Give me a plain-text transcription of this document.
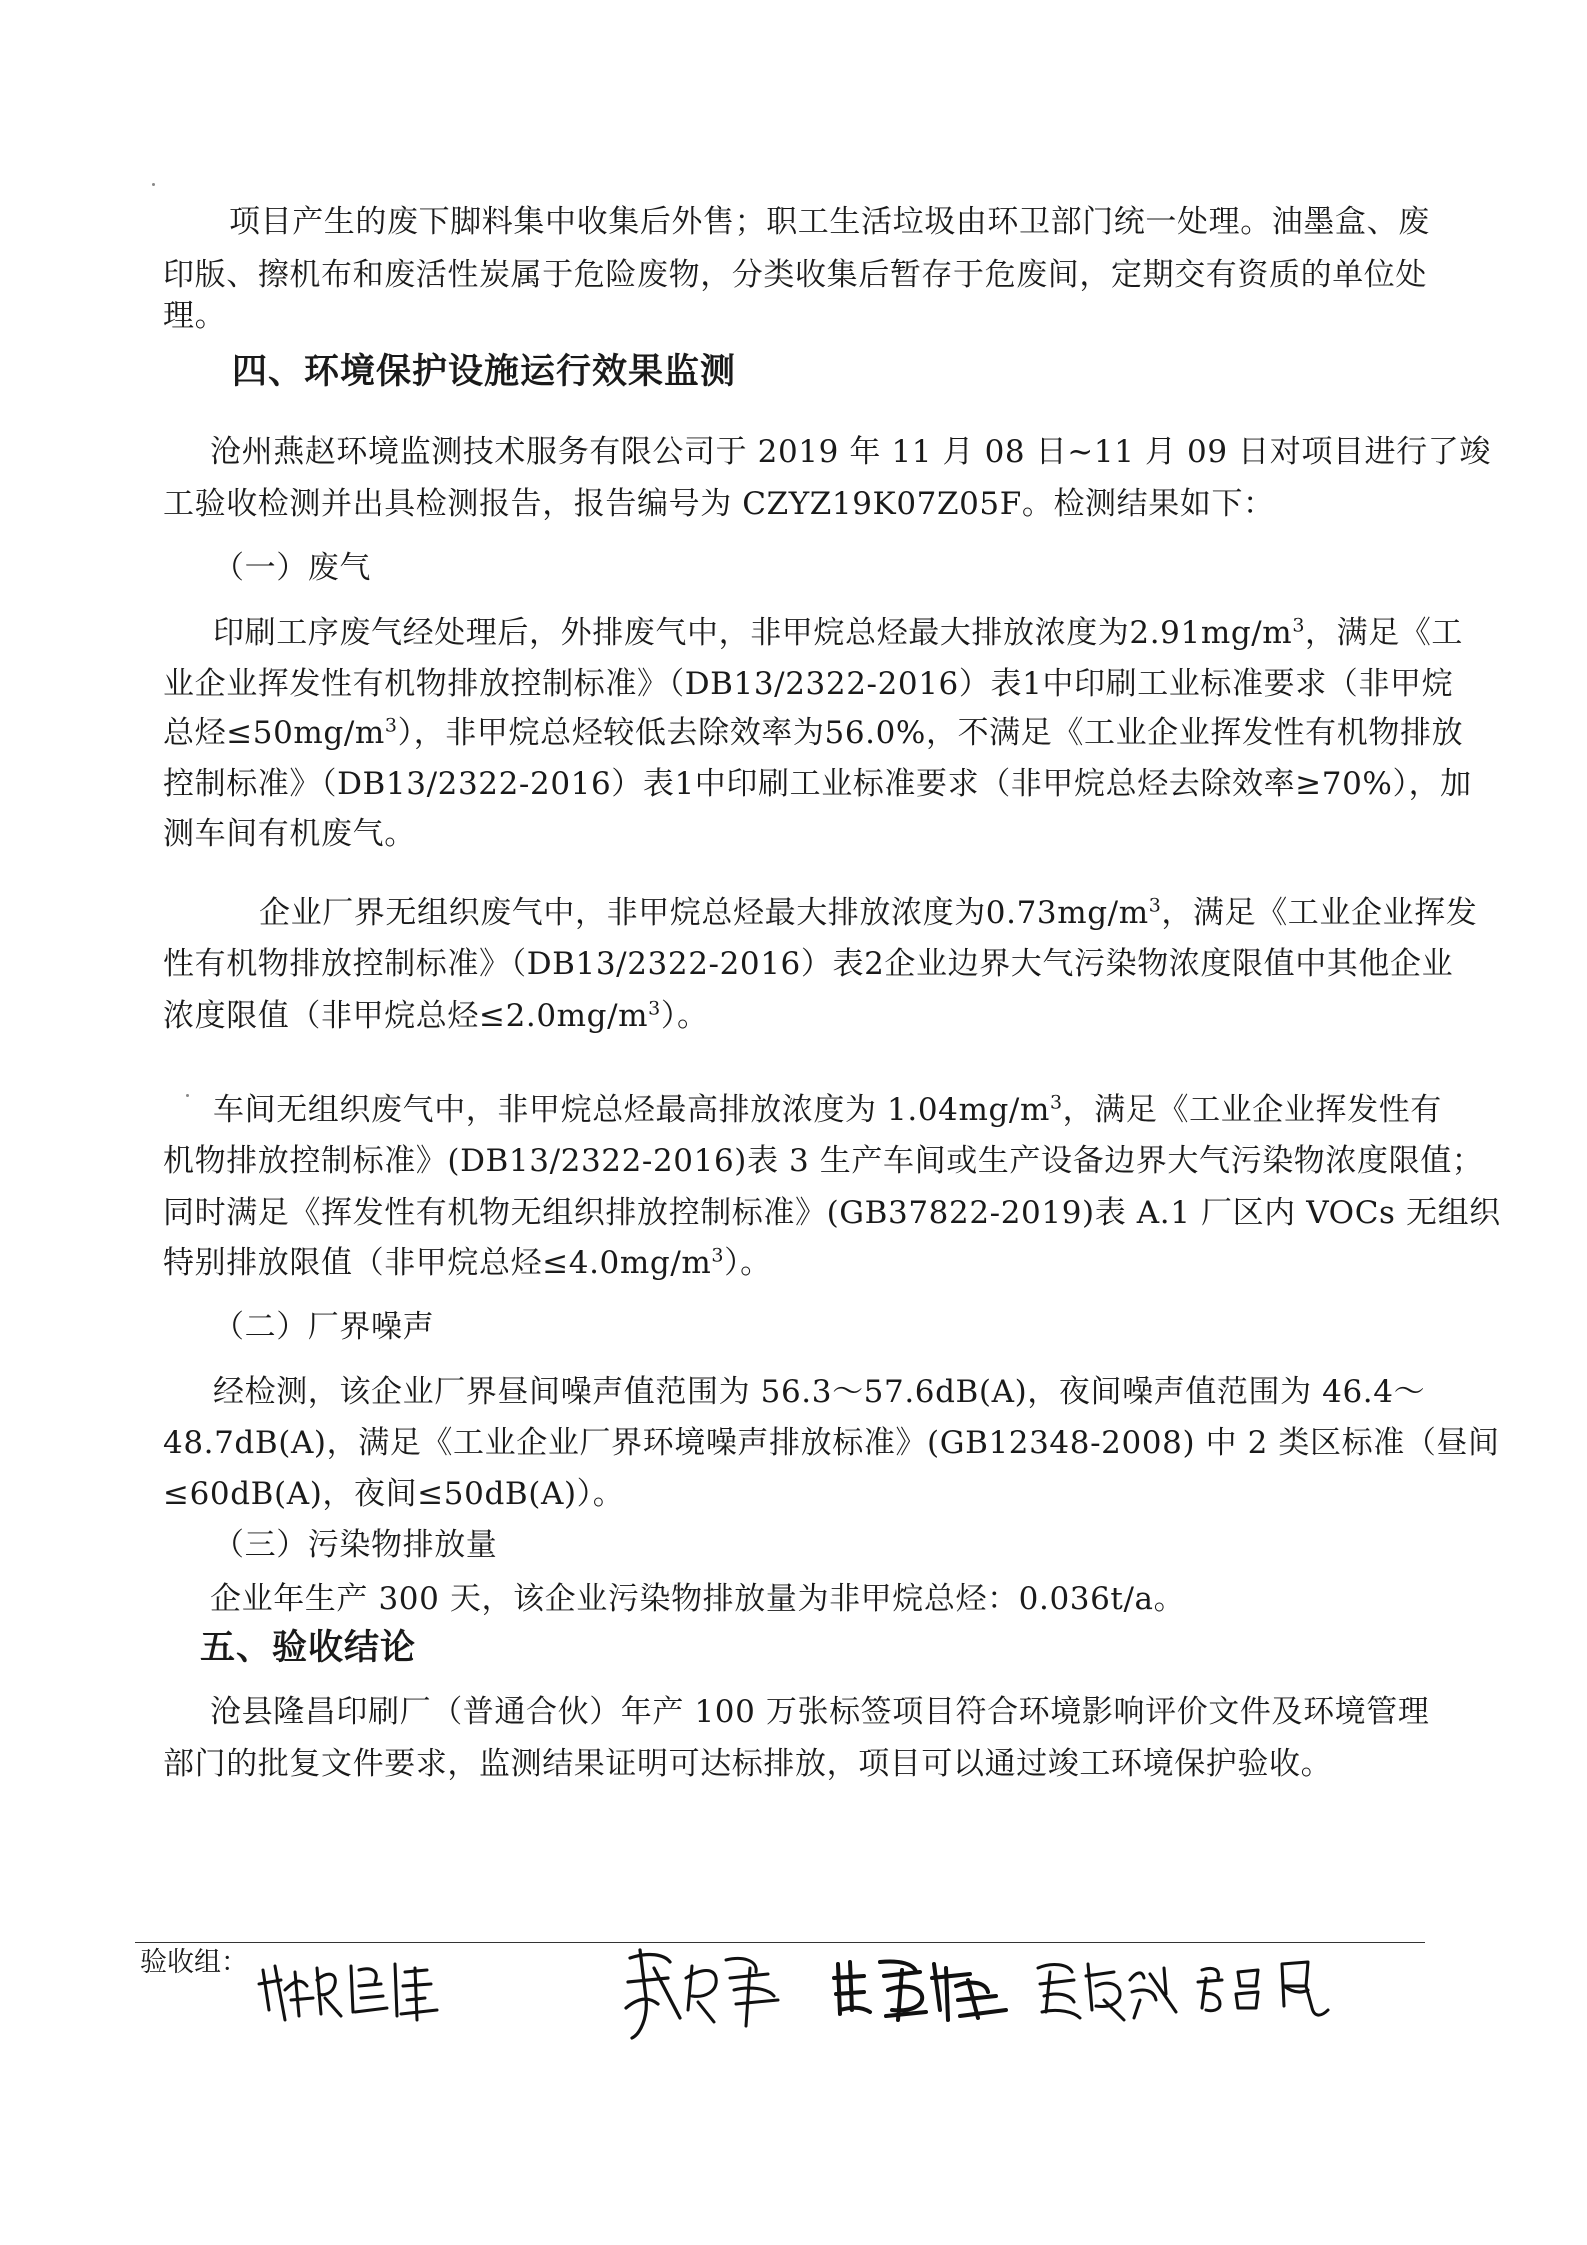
项目产生的废下脚料集中收集后外售；职工生活垃圾由环卫部门统一处理。油墨盒、废
印版、擦机布和废活性炭属于危险废物，分类收集后暂存于危废间，定期交有资质的单位处
理。
四、环境保护设施运行效果监测
沧州燕赵环境监测技术服务有限公司于 2019 年 11 月 08 日~11 月 09 日对项目进行了竣
工验收检测并出具检测报告，报告编号为 CZYZ19K07Z05F。检测结果如下：
（一）废气
印刷工序废气经处理后，外排废气中，非甲烷总烃最大排放浓度为$2.91mg/m^3$，满足《工
业企业挥发性有机物排放控制标准》（DB13/2322-2016）表1中印刷工业标准要求（非甲烷
总烃$\le 50mg/m^3$），非甲烷总烃较低去除效率为56.0%，不满足《工业企业挥发性有机物排放
控制标准》（DB13/2322-2016）表1中印刷工业标准要求（非甲烷总烃去除效率≥70%），加
测车间有机废气。
企业厂界无组织废气中，非甲烷总烃最大排放浓度为$0.73mg/m^3$，满足《工业企业挥发
性有机物排放控制标准》（DB13/2322-2016）表2企业边界大气污染物浓度限值中其他企业
浓度限值（非甲烷总烃$\le 2.0mg/m^3$）。
车间无组织废气中，非甲烷总烃最高排放浓度为 $1.04mg/m^3$，满足《工业企业挥发性有
机物排放控制标准》(DB13/2322-2016)表 3 生产车间或生产设备边界大气污染物浓度限值；
同时满足《挥发性有机物无组织排放控制标准》(GB37822-2019)表 A.1 厂区内 VOCs 无组织
特别排放限值（非甲烷总烃$\le 4.0mg/m^3$）。
（二）厂界噪声
经检测，该企业厂界昼间噪声值范围为 56.3～57.6dB(A)，夜间噪声值范围为 46.4～
48.7dB(A)，满足《工业企业厂界环境噪声排放标准》(GB12348-2008) 中 2 类区标准（昼间
≤60dB(A)，夜间≤50dB(A)）。
（三）污染物排放量
企业年生产 300 天，该企业污染物排放量为非甲烷总烃：0.036t/a。
五、验收结论
沧县隆昌印刷厂（普通合伙）年产 100 万张标签项目符合环境影响评价文件及环境管理
部门的批复文件要求，监测结果证明可达标排放，项目可以通过竣工环境保护验收。
验收组：
